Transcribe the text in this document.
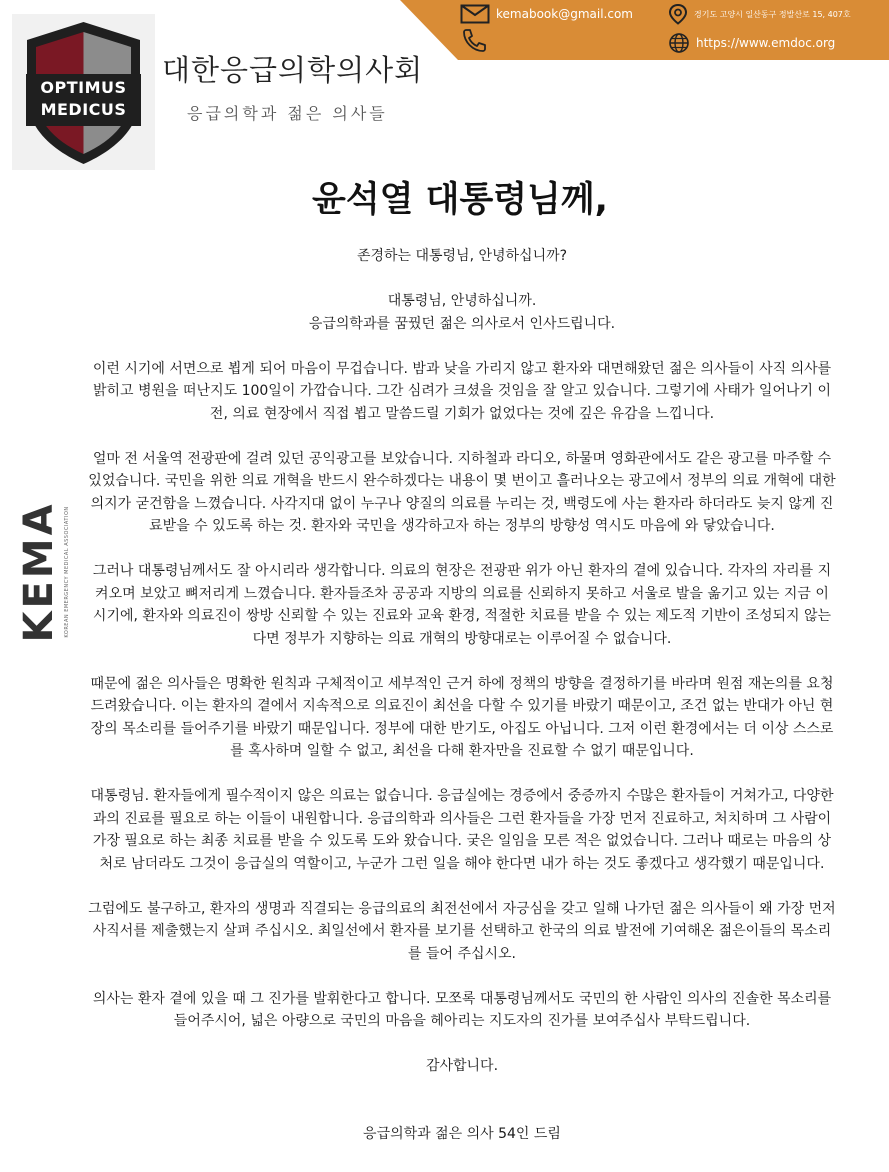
kemabook@gmail.com	경기도 고양시 일산동구 정발산로 15, 407호
https://www.emdoc.org
OPTIMUS
MEDICUS
대한응급의학의사회
응급의학과 젊은 의사들
KEMA KOREAN EMERGENCY MEDICAL ASSOCIATION
윤석열 대통령님께,

존경하는 대통령님, 안녕하십니까?

대통령님, 안녕하십니까.
응급의학과를 꿈꿨던 젊은 의사로서 인사드립니다.

이런 시기에 서면으로 뵙게 되어 마음이 무겁습니다. 밤과 낮을 가리지 않고 환자와 대면해왔던 젊은 의사들이 사직 의사를 밝히고 병원을 떠난지도 100일이 가깝습니다. 그간 심려가 크셨을 것임을 잘 알고 있습니다. 그렇기에 사태가 일어나기 이전, 의료 현장에서 직접 뵙고 말씀드릴 기회가 없었다는 것에 깊은 유감을 느낍니다.

얼마 전 서울역 전광판에 걸려 있던 공익광고를 보았습니다. 지하철과 라디오, 하물며 영화관에서도 같은 광고를 마주할 수 있었습니다. 국민을 위한 의료 개혁을 반드시 완수하겠다는 내용이 몇 번이고 흘러나오는 광고에서 정부의 의료 개혁에 대한 의지가 굳건함을 느꼈습니다. 사각지대 없이 누구나 양질의 의료를 누리는 것, 백령도에 사는 환자라 하더라도 늦지 않게 진료받을 수 있도록 하는 것. 환자와 국민을 생각하고자 하는 정부의 방향성 역시도 마음에 와 닿았습니다.

그러나 대통령님께서도 잘 아시리라 생각합니다. 의료의 현장은 전광판 위가 아닌 환자의 곁에 있습니다. 각자의 자리를 지켜오며 보았고 뼈저리게 느꼈습니다. 환자들조차 공공과 지방의 의료를 신뢰하지 못하고 서울로 발을 옮기고 있는 지금 이 시기에, 환자와 의료진이 쌍방 신뢰할 수 있는 진료와 교육 환경, 적절한 치료를 받을 수 있는 제도적 기반이 조성되지 않는다면 정부가 지향하는 의료 개혁의 방향대로는 이루어질 수 없습니다.

때문에 젊은 의사들은 명확한 원칙과 구체적이고 세부적인 근거 하에 정책의 방향을 결정하기를 바라며 원점 재논의를 요청드려왔습니다. 이는 환자의 곁에서 지속적으로 의료진이 최선을 다할 수 있기를 바랐기 때문이고, 조건 없는 반대가 아닌 현장의 목소리를 들어주기를 바랐기 때문입니다. 정부에 대한 반기도, 아집도 아닙니다. 그저 이런 환경에서는 더 이상 스스로를 혹사하며 일할 수 없고, 최선을 다해 환자만을 진료할 수 없기 때문입니다.

대통령님. 환자들에게 필수적이지 않은 의료는 없습니다. 응급실에는 경증에서 중증까지 수많은 환자들이 거쳐가고, 다양한 과의 진료를 필요로 하는 이들이 내원합니다. 응급의학과 의사들은 그런 환자들을 가장 먼저 진료하고, 처치하며 그 사람이 가장 필요로 하는 최종 치료를 받을 수 있도록 도와 왔습니다. 궂은 일임을 모른 적은 없었습니다. 그러나 때로는 마음의 상처로 남더라도 그것이 응급실의 역할이고, 누군가 그런 일을 해야 한다면 내가 하는 것도 좋겠다고 생각했기 때문입니다.

그럼에도 불구하고, 환자의 생명과 직결되는 응급의료의 최전선에서 자긍심을 갖고 일해 나가던 젊은 의사들이 왜 가장 먼저 사직서를 제출했는지 살펴 주십시오. 최일선에서 환자를 보기를 선택하고 한국의 의료 발전에 기여해온 젊은이들의 목소리를 들어 주십시오.

의사는 환자 곁에 있을 때 그 진가를 발휘한다고 합니다. 모쪼록 대통령님께서도 국민의 한 사람인 의사의 진솔한 목소리를 들어주시어, 넓은 아량으로 국민의 마음을 헤아리는 지도자의 진가를 보여주십사 부탁드립니다.

감사합니다.

응급의학과 젊은 의사 54인 드림
